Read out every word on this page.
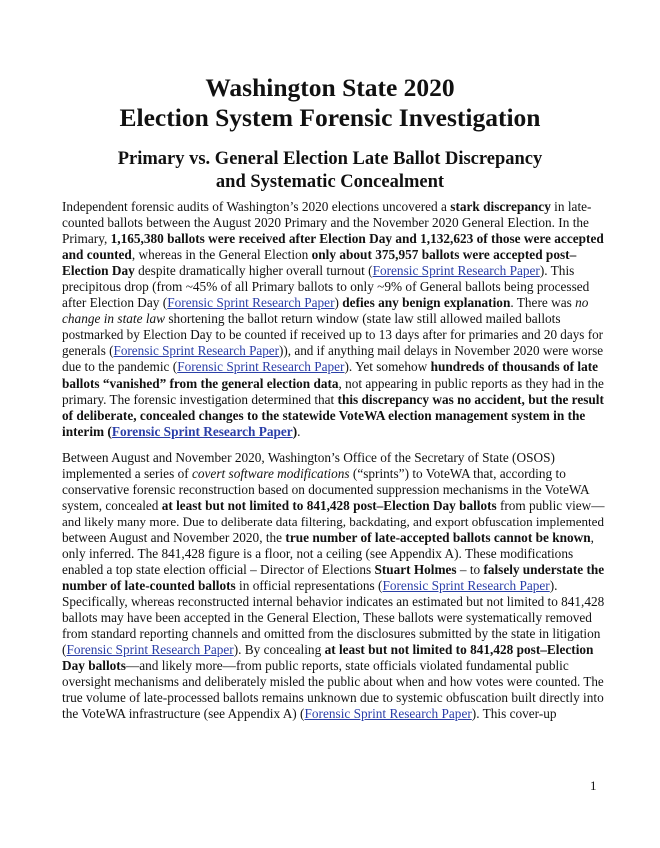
Washington State 2020
Election System Forensic Investigation
Primary vs. General Election Late Ballot Discrepancy
and Systematic Concealment

Independent forensic audits of Washington’s 2020 elections uncovered a stark discrepancy in late-
counted ballots between the August 2020 Primary and the November 2020 General Election. In the
Primary, 1,165,380 ballots were received after Election Day and 1,132,623 of those were accepted
and counted, whereas in the General Election only about 375,957 ballots were accepted post–
Election Day despite dramatically higher overall turnout (Forensic Sprint Research Paper). This
precipitous drop (from ~45% of all Primary ballots to only ~9% of General ballots being processed
after Election Day (Forensic Sprint Research Paper) defies any benign explanation. There was no
change in state law shortening the ballot return window (state law still allowed mailed ballots
postmarked by Election Day to be counted if received up to 13 days after for primaries and 20 days for
generals (Forensic Sprint Research Paper)), and if anything mail delays in November 2020 were worse
due to the pandemic (Forensic Sprint Research Paper). Yet somehow hundreds of thousands of late
ballots “vanished” from the general election data, not appearing in public reports as they had in the
primary. The forensic investigation determined that this discrepancy was no accident, but the result
of deliberate, concealed changes to the statewide VoteWA election management system in the
interim (Forensic Sprint Research Paper).

Between August and November 2020, Washington’s Office of the Secretary of State (OSOS)
implemented a series of covert software modifications (“sprints”) to VoteWA that, according to
conservative forensic reconstruction based on documented suppression mechanisms in the VoteWA
system, concealed at least but not limited to 841,428 post–Election Day ballots from public view—
and likely many more. Due to deliberate data filtering, backdating, and export obfuscation implemented
between August and November 2020, the true number of late-accepted ballots cannot be known,
only inferred. The 841,428 figure is a floor, not a ceiling (see Appendix A). These modifications
enabled a top state election official – Director of Elections Stuart Holmes – to falsely understate the
number of late-counted ballots in official representations (Forensic Sprint Research Paper).
Specifically, whereas reconstructed internal behavior indicates an estimated but not limited to 841,428
ballots may have been accepted in the General Election, These ballots were systematically removed
from standard reporting channels and omitted from the disclosures submitted by the state in litigation
(Forensic Sprint Research Paper). By concealing at least but not limited to 841,428 post–Election
Day ballots—and likely more—from public reports, state officials violated fundamental public
oversight mechanisms and deliberately misled the public about when and how votes were counted. The
true volume of late-processed ballots remains unknown due to systemic obfuscation built directly into
the VoteWA infrastructure (see Appendix A) (Forensic Sprint Research Paper). This cover-up

1
